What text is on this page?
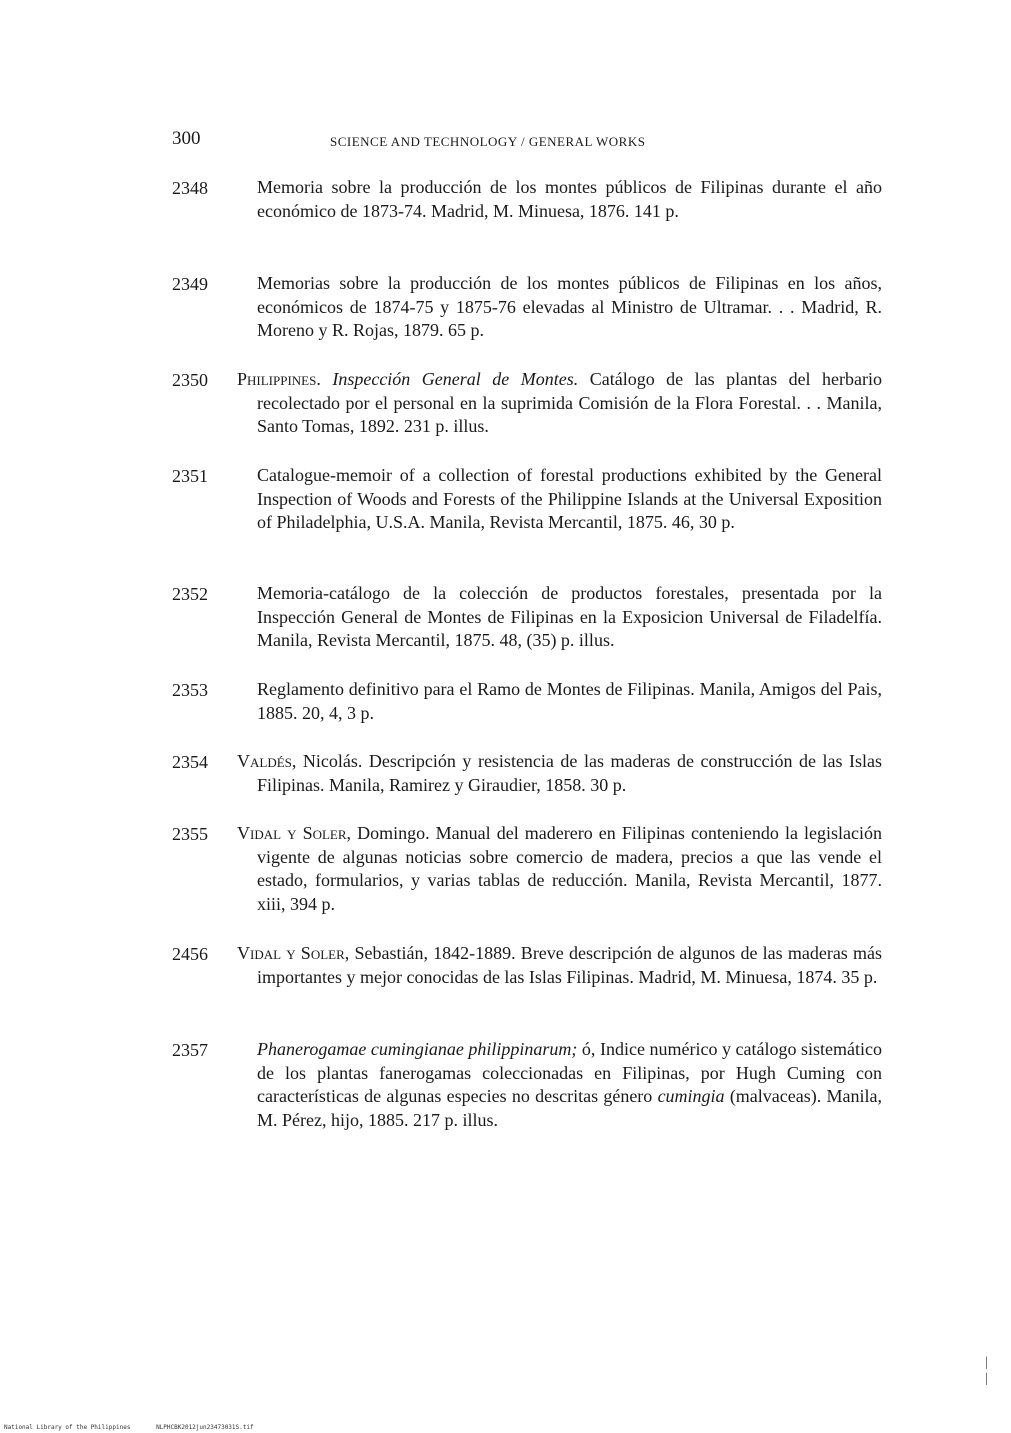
300	SCIENCE AND TECHNOLOGY / GENERAL WORKS
2348	Memoria sobre la producción de los montes públicos de Filipinas durante el año económico de 1873-74. Madrid, M. Minuesa, 1876. 141 p.
2349	Memorias sobre la producción de los montes públicos de Filipinas en los años, económicos de 1874-75 y 1875-76 elevadas al Ministro de Ultramar. . . Madrid, R. Moreno y R. Rojas, 1879. 65 p.
2350 Philippines. Inspección General de Montes. Catálogo de las plantas del herbario recolectado por el personal en la suprimida Comisión de la Flora Forestal. . . Manila, Santo Tomas, 1892. 231 p. illus.
2351	Catalogue-memoir of a collection of forestal productions exhibited by the General Inspection of Woods and Forests of the Philippine Islands at the Universal Exposition of Philadelphia, U.S.A. Manila, Revista Mercantil, 1875. 46, 30 p.
2352	Memoria-catálogo de la colección de productos forestales, presentada por la Inspección General de Montes de Filipinas en la Exposicion Universal de Filadelfía. Manila, Revista Mercantil, 1875. 48, (35) p. illus.
2353	Reglamento definitivo para el Ramo de Montes de Filipinas. Manila, Amigos del Pais, 1885. 20, 4, 3 p.
2354 Valdés, Nicolás. Descripción y resistencia de las maderas de construcción de las Islas Filipinas. Manila, Ramirez y Giraudier, 1858. 30 p.
2355 Vidal y Soler, Domingo. Manual del maderero en Filipinas conteniendo la legislación vigente de algunas noticias sobre comercio de madera, precios a que las vende el estado, formularios, y varias tablas de reducción. Manila, Revista Mercantil, 1877. xiii, 394 p.
2456 Vidal y Soler, Sebastián, 1842-1889. Breve descripción de algunos de las maderas más importantes y mejor conocidas de las Islas Filipinas. Madrid, M. Minuesa, 1874. 35 p.
2357	Phanerogamae cumingianae philippinarum; ó, Indice numérico y catálogo sistemático de los plantas fanerogamas coleccionadas en Filipinas, por Hugh Cuming con características de algunas especies no descritas género cumingia (malvaceas). Manila, M. Pérez, hijo, 1885. 217 p. illus.
| |
National Library of the Philippines	NLPHCBK2012jun23473031S.tif
